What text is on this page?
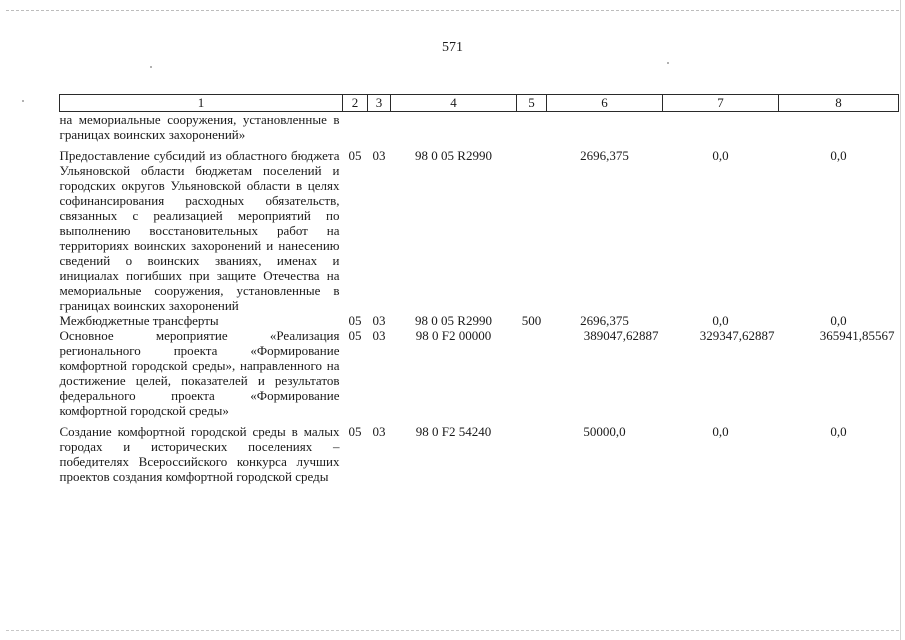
571
1	2	3	4	5	6	7	8
на мемориальные сооружения, установленные в границах воинских захоронений»							
Предоставление субсидий из областного бюджета Ульяновской области бюджетам поселений и городских округов Ульяновской области в целях софинансирования расходных обязательств, связанных с реализацией мероприятий по выполнению восстановительных работ на территориях воинских захоронений и нанесению сведений о воинских званиях, именах и инициалах погибших при защите Отечества на мемориальные сооружения, установленные в границах воинских захоронений	05	03	98 0 05 R2990		2696,375	0,0	0,0
Межбюджетные трансферты	05	03	98 0 05 R2990	500	2696,375	0,0	0,0
Основное мероприятие «Реализация регионального проекта «Формирование комфортной городской среды», направленного на достижение целей, показателей и результатов федерального проекта «Формирование комфортной городской среды»	05	03	98 0 F2 00000		389047,62887	329347,62887	365941,85567
Создание комфортной городской среды в малых городах и исторических поселениях – победителях Всероссийского конкурса лучших проектов создания комфортной городской среды	05	03	98 0 F2 54240		50000,0	0,0	0,0
